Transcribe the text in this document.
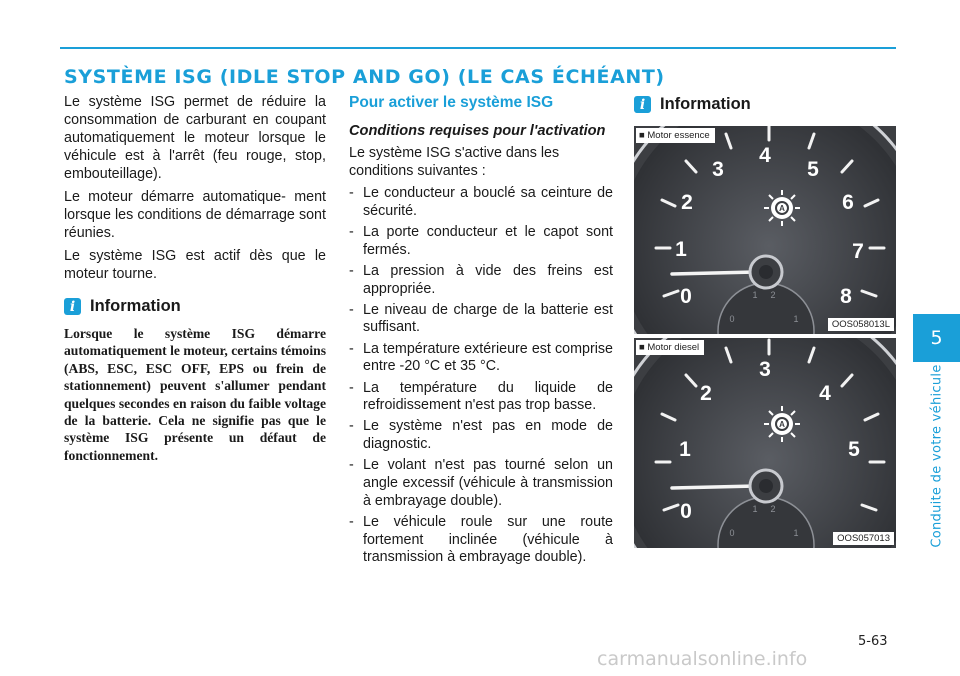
SYSTÈME ISG (IDLE STOP AND GO) (LE CAS ÉCHÉANT)
5
Conduite de votre véhicule

Le système ISG permet de réduire la consommation de carburant en coupant automatiquement le moteur lorsque le véhicule est à l'arrêt (feu rouge, stop, embouteillage).

Le moteur démarre automatique- ment lorsque les conditions de démarrage sont réunies.

Le système ISG est actif dès que le moteur tourne.

i Information

Lorsque le système ISG démarre automatiquement le moteur, certains témoins (ABS, ESC, ESC OFF, EPS ou frein de stationnement) peuvent s'allumer pendant quelques secondes en raison du faible voltage de la batterie. Cela ne signifie pas que le système ISG présente un défaut de fonctionnement.

Pour activer le système ISG
Conditions requises pour l'activation

Le système ISG s'active dans les conditions suivantes :

- Le conducteur a bouclé sa ceinture de sécurité.
- La porte conducteur et le capot sont fermés.
- La pression à vide des freins est appropriée.
- Le niveau de charge de la batterie est suffisant.
- La température extérieure est comprise entre -20 °C et 35 °C.
- La température du liquide de refroidissement n'est pas trop basse.
- Le système n'est pas en mode de diagnostic.
- Le volant n'est pas tourné selon un angle excessif (véhicule à transmission à embrayage double).
- Le véhicule roule sur une route fortement inclinée (véhicule à transmission à embrayage double).
i Information
0
1
2
3
4
5
6
7
8
A
0
1 2
1
■ Motor essence
OOS058013L
0
1
2
3
4
5
A
0
1 2
1
■ Motor diesel
OOS057013
5-63
carmanualsonline.info
